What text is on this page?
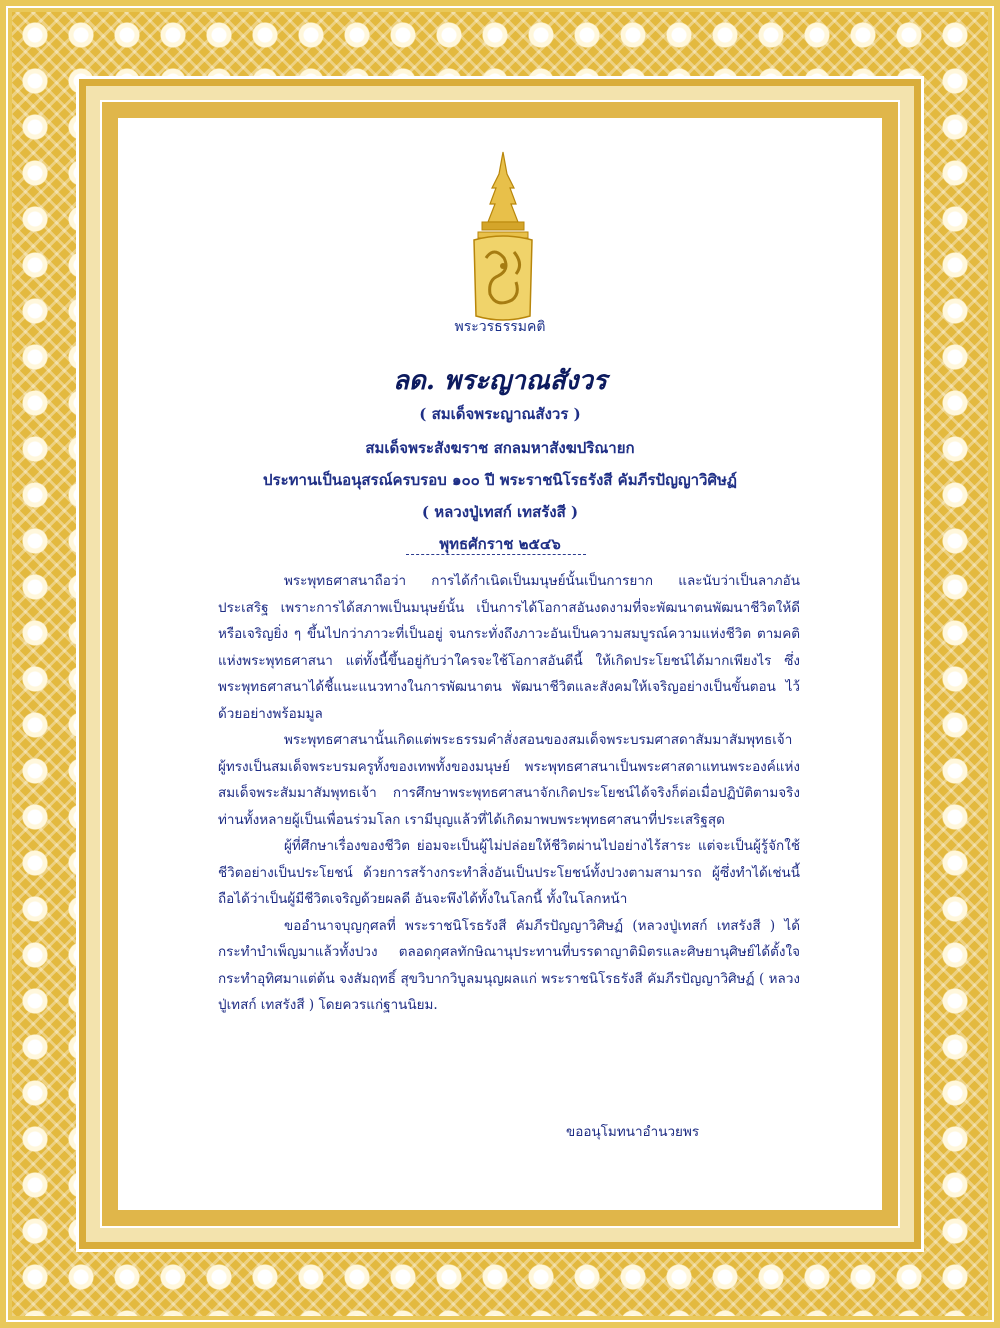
พระวรธรรมคติ
ลด. พระญาณสังวร
( สมเด็จพระญาณสังวร )
สมเด็จพระสังฆราช สกลมหาสังฆปริณายก
ประทานเป็นอนุสรณ์ครบรอบ ๑๐๐ ปี พระราชนิโรธรังสี คัมภีรปัญญาวิศิษฏ์
( หลวงปู่เทสก์ เทสรังสี )
พุทธศักราช ๒๕๔๖

พระพุทธศาสนาถือว่า การได้กำเนิดเป็นมนุษย์นั้นเป็นการยาก และนับว่าเป็นลาภอันประเสริฐ เพราะการได้สภาพเป็นมนุษย์นั้น เป็นการได้โอกาสอันงดงามที่จะพัฒนาตนพัฒนาชีวิตให้ดีหรือเจริญยิ่ง ๆ ขึ้นไปกว่าภาวะที่เป็นอยู่ จนกระทั่งถึงภาวะอันเป็นความสมบูรณ์ความแห่งชีวิต ตามคติแห่งพระพุทธศาสนา แต่ทั้งนี้ขึ้นอยู่กับว่าใครจะใช้โอกาสอันดีนี้ ให้เกิดประโยชน์ได้มากเพียงไร ซึ่งพระพุทธศาสนาได้ชี้แนะแนวทางในการพัฒนาตน พัฒนาชีวิตและสังคมให้เจริญอย่างเป็นขั้นตอน ไว้ด้วยอย่างพร้อมมูล

พระพุทธศาสนานั้นเกิดแต่พระธรรมคำสั่งสอนของสมเด็จพระบรมศาสดาสัมมาสัมพุทธเจ้า ผู้ทรงเป็นสมเด็จพระบรมครูทั้งของเทพทั้งของมนุษย์ พระพุทธศาสนาเป็นพระศาสดาแทนพระองค์แห่งสมเด็จพระสัมมาสัมพุทธเจ้า การศึกษาพระพุทธศาสนาจักเกิดประโยชน์ได้จริงก็ต่อเมื่อปฏิบัติตามจริง ท่านทั้งหลายผู้เป็นเพื่อนร่วมโลก เรามีบุญแล้วที่ได้เกิดมาพบพระพุทธศาสนาที่ประเสริฐสุด

ผู้ที่ศึกษาเรื่องของชีวิต ย่อมจะเป็นผู้ไม่ปล่อยให้ชีวิตผ่านไปอย่างไร้สาระ แต่จะเป็นผู้รู้จักใช้ชีวิตอย่างเป็นประโยชน์ ด้วยการสร้างกระทำสิ่งอันเป็นประโยชน์ทั้งปวงตามสามารถ ผู้ซึ่งทำได้เช่นนี้ ถือได้ว่าเป็นผู้มีชีวิตเจริญด้วยผลดี อันจะพึงได้ทั้งในโลกนี้ ทั้งในโลกหน้า

ขออำนาจบุญกุศลที่ พระราชนิโรธรังสี คัมภีรปัญญาวิศิษฏ์ (หลวงปู่เทสก์ เทสรังสี ) ได้กระทำบำเพ็ญมาแล้วทั้งปวง ตลอดกุศลทักษิณานุประทานที่บรรดาญาติมิตรและศิษยานุศิษย์ได้ตั้งใจกระทำอุทิศมาแต่ต้น จงสัมฤทธิ์ สุขวิบากวิบูลมนุญผลแก่ พระราชนิโรธรังสี คัมภีรปัญญาวิศิษฏ์ ( หลวงปู่เทสก์ เทสรังสี ) โดยควรแก่ฐานนิยม.

ขออนุโมทนาอำนวยพร
